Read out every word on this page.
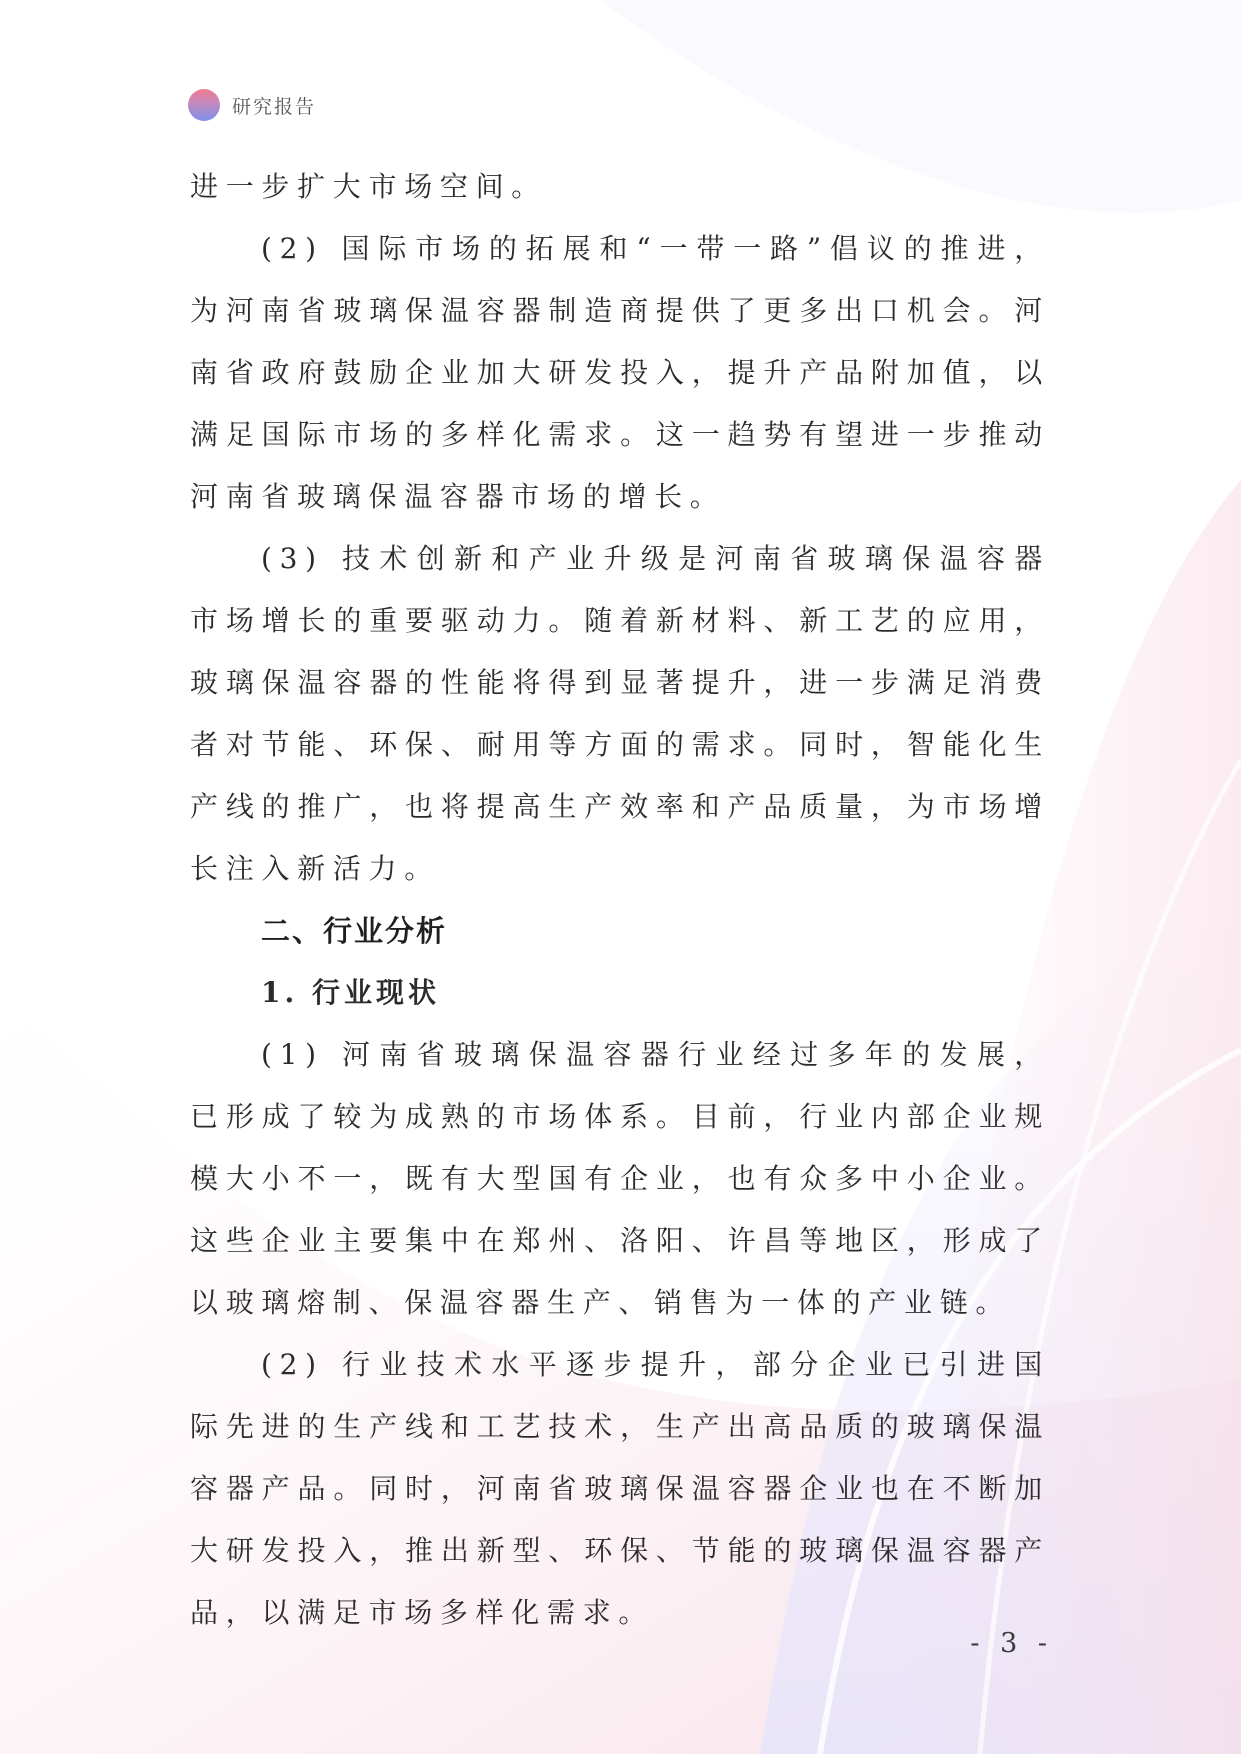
研究报告

进一步扩大市场空间。

(2) 国际市场的拓展和“一带一路”倡议的推进，为河南省玻璃保温容器制造商提供了更多出口机会。河南省政府鼓励企业加大研发投入，提升产品附加值，以满足国际市场的多样化需求。这一趋势有望进一步推动河南省玻璃保温容器市场的增长。

(3) 技术创新和产业升级是河南省玻璃保温容器市场增长的重要驱动力。随着新材料、新工艺的应用，玻璃保温容器的性能将得到显著提升，进一步满足消费者对节能、环保、耐用等方面的需求。同时，智能化生产线的推广，也将提高生产效率和产品质量，为市场增长注入新活力。

二、行业分析
1. 行业现状

(1) 河南省玻璃保温容器行业经过多年的发展，已形成了较为成熟的市场体系。目前，行业内部企业规模大小不一，既有大型国有企业，也有众多中小企业。这些企业主要集中在郑州、洛阳、许昌等地区，形成了以玻璃熔制、保温容器生产、销售为一体的产业链。

(2) 行业技术水平逐步提升，部分企业已引进国际先进的生产线和工艺技术，生产出高品质的玻璃保温容器产品。同时，河南省玻璃保温容器企业也在不断加大研发投入，推出新型、环保、节能的玻璃保温容器产品，以满足市场多样化需求。

- 3 -
